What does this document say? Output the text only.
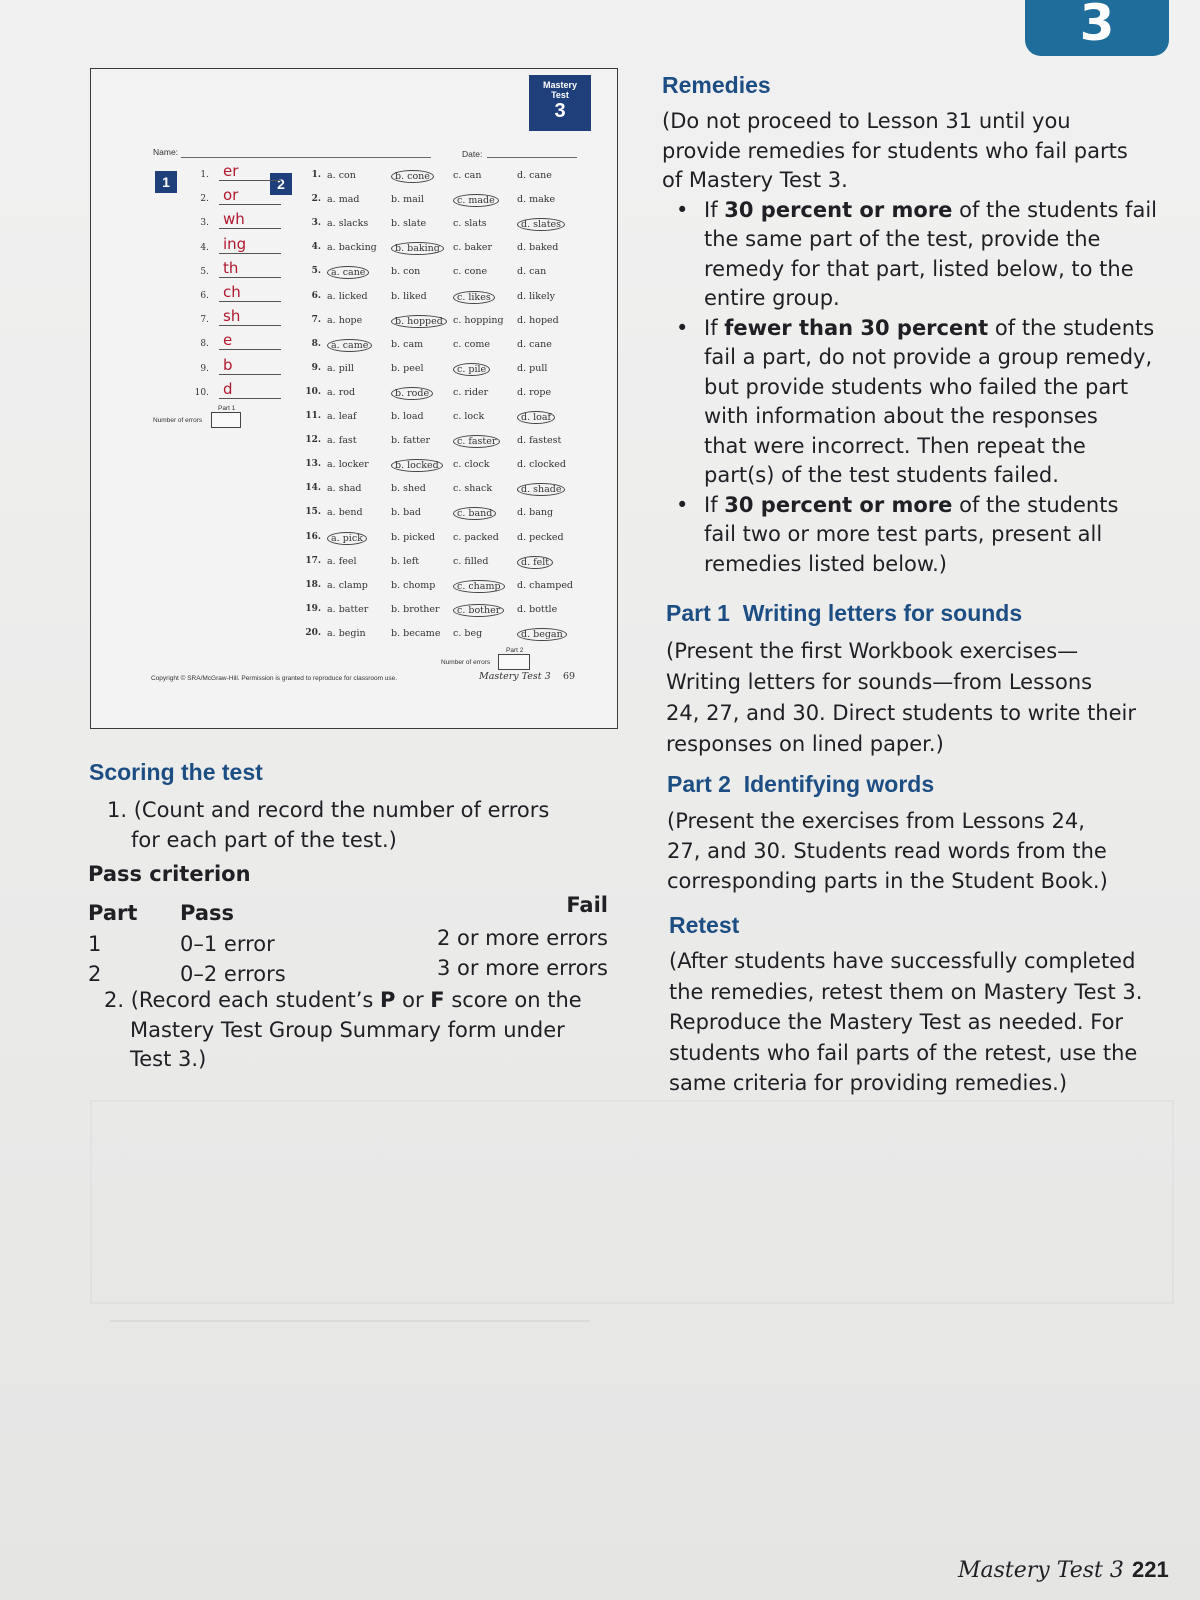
3
Mastery
Test
3
Name:	Date:
1	2
1. er
2. or
3. wh
4. ing
5. th
6. ch
7. sh
8. e
9. b
10. d
1. a. con	b. cone	c. can	d. cane
2. a. mad	b. mail	c. made	d. make
3. a. slacks b. slate	c. slats	d. slates
4. a. backing	b. baking	c. baker	d. baked
5.	a. cane	b. con	c. cone	d. can
6. a. licked b. liked	c. likes	d. likely
7. a. hope	b. hopped	c. hopping d. hoped
8.	a. came	b. cam	c. come	d. cane
9. a. pill	b. peel	c. pile	d. pull
10. a. rod	b. rode	c. rider	d. rope
11. a. leaf	b. load	c. lock	d. loaf
12. a. fast	b. fatter	c. faster	d. fastest
13. a. locker	b. locked	c. clock	d. clocked
14. a. shad	b. shed	c. shack	d. shade
15. a. bend	b. bad	c. band	d. bang
16.	a. pick	b. picked c. packed d. pecked
17. a. feel	b. left	c. filled	d. felt
18. a. clamp b. chomp	c. champ	d. champed
19. a. batter b. brother	c. bother	d. bottle
20. a. begin	b. became c. beg	d. began
Part 1
Number of errors
Part 2
Number of errors
Copyright © SRA/McGraw-Hill. Permission is granted to reproduce for classroom use.	Mastery Test 3 69
Scoring the test
1. (Count and record the number of errors
for each part of the test.)
Pass criterion
Part Pass	Fail
1	0–1 error	2 or more errors
2	0–2 errors	3 or more errors
2. (Record each student’s P or F score on the
Mastery Test Group Summary form under
Test 3.)
Remedies
(Do not proceed to Lesson 31 until you
provide remedies for students who fail parts
of Mastery Test 3.
• If 30 percent or more of the students fail
the same part of the test, provide the
remedy for that part, listed below, to the
entire group.
• If fewer than 30 percent of the students
fail a part, do not provide a group remedy,
but provide students who failed the part
with information about the responses
that were incorrect. Then repeat the
part(s) of the test students failed.
• If 30 percent or more of the students
fail two or more test parts, present all
remedies listed below.)
Part 1 Writing letters for sounds
(Present the first Workbook exercises—
Writing letters for sounds—from Lessons
24, 27, and 30. Direct students to write their
responses on lined paper.)
Part 2 Identifying words
(Present the exercises from Lessons 24,
27, and 30. Students read words from the
corresponding parts in the Student Book.)
Retest
(After students have successfully completed
the remedies, retest them on Mastery Test 3.
Reproduce the Mastery Test as needed. For
students who fail parts of the retest, use the
same criteria for providing remedies.)
Mastery Test 3 221
